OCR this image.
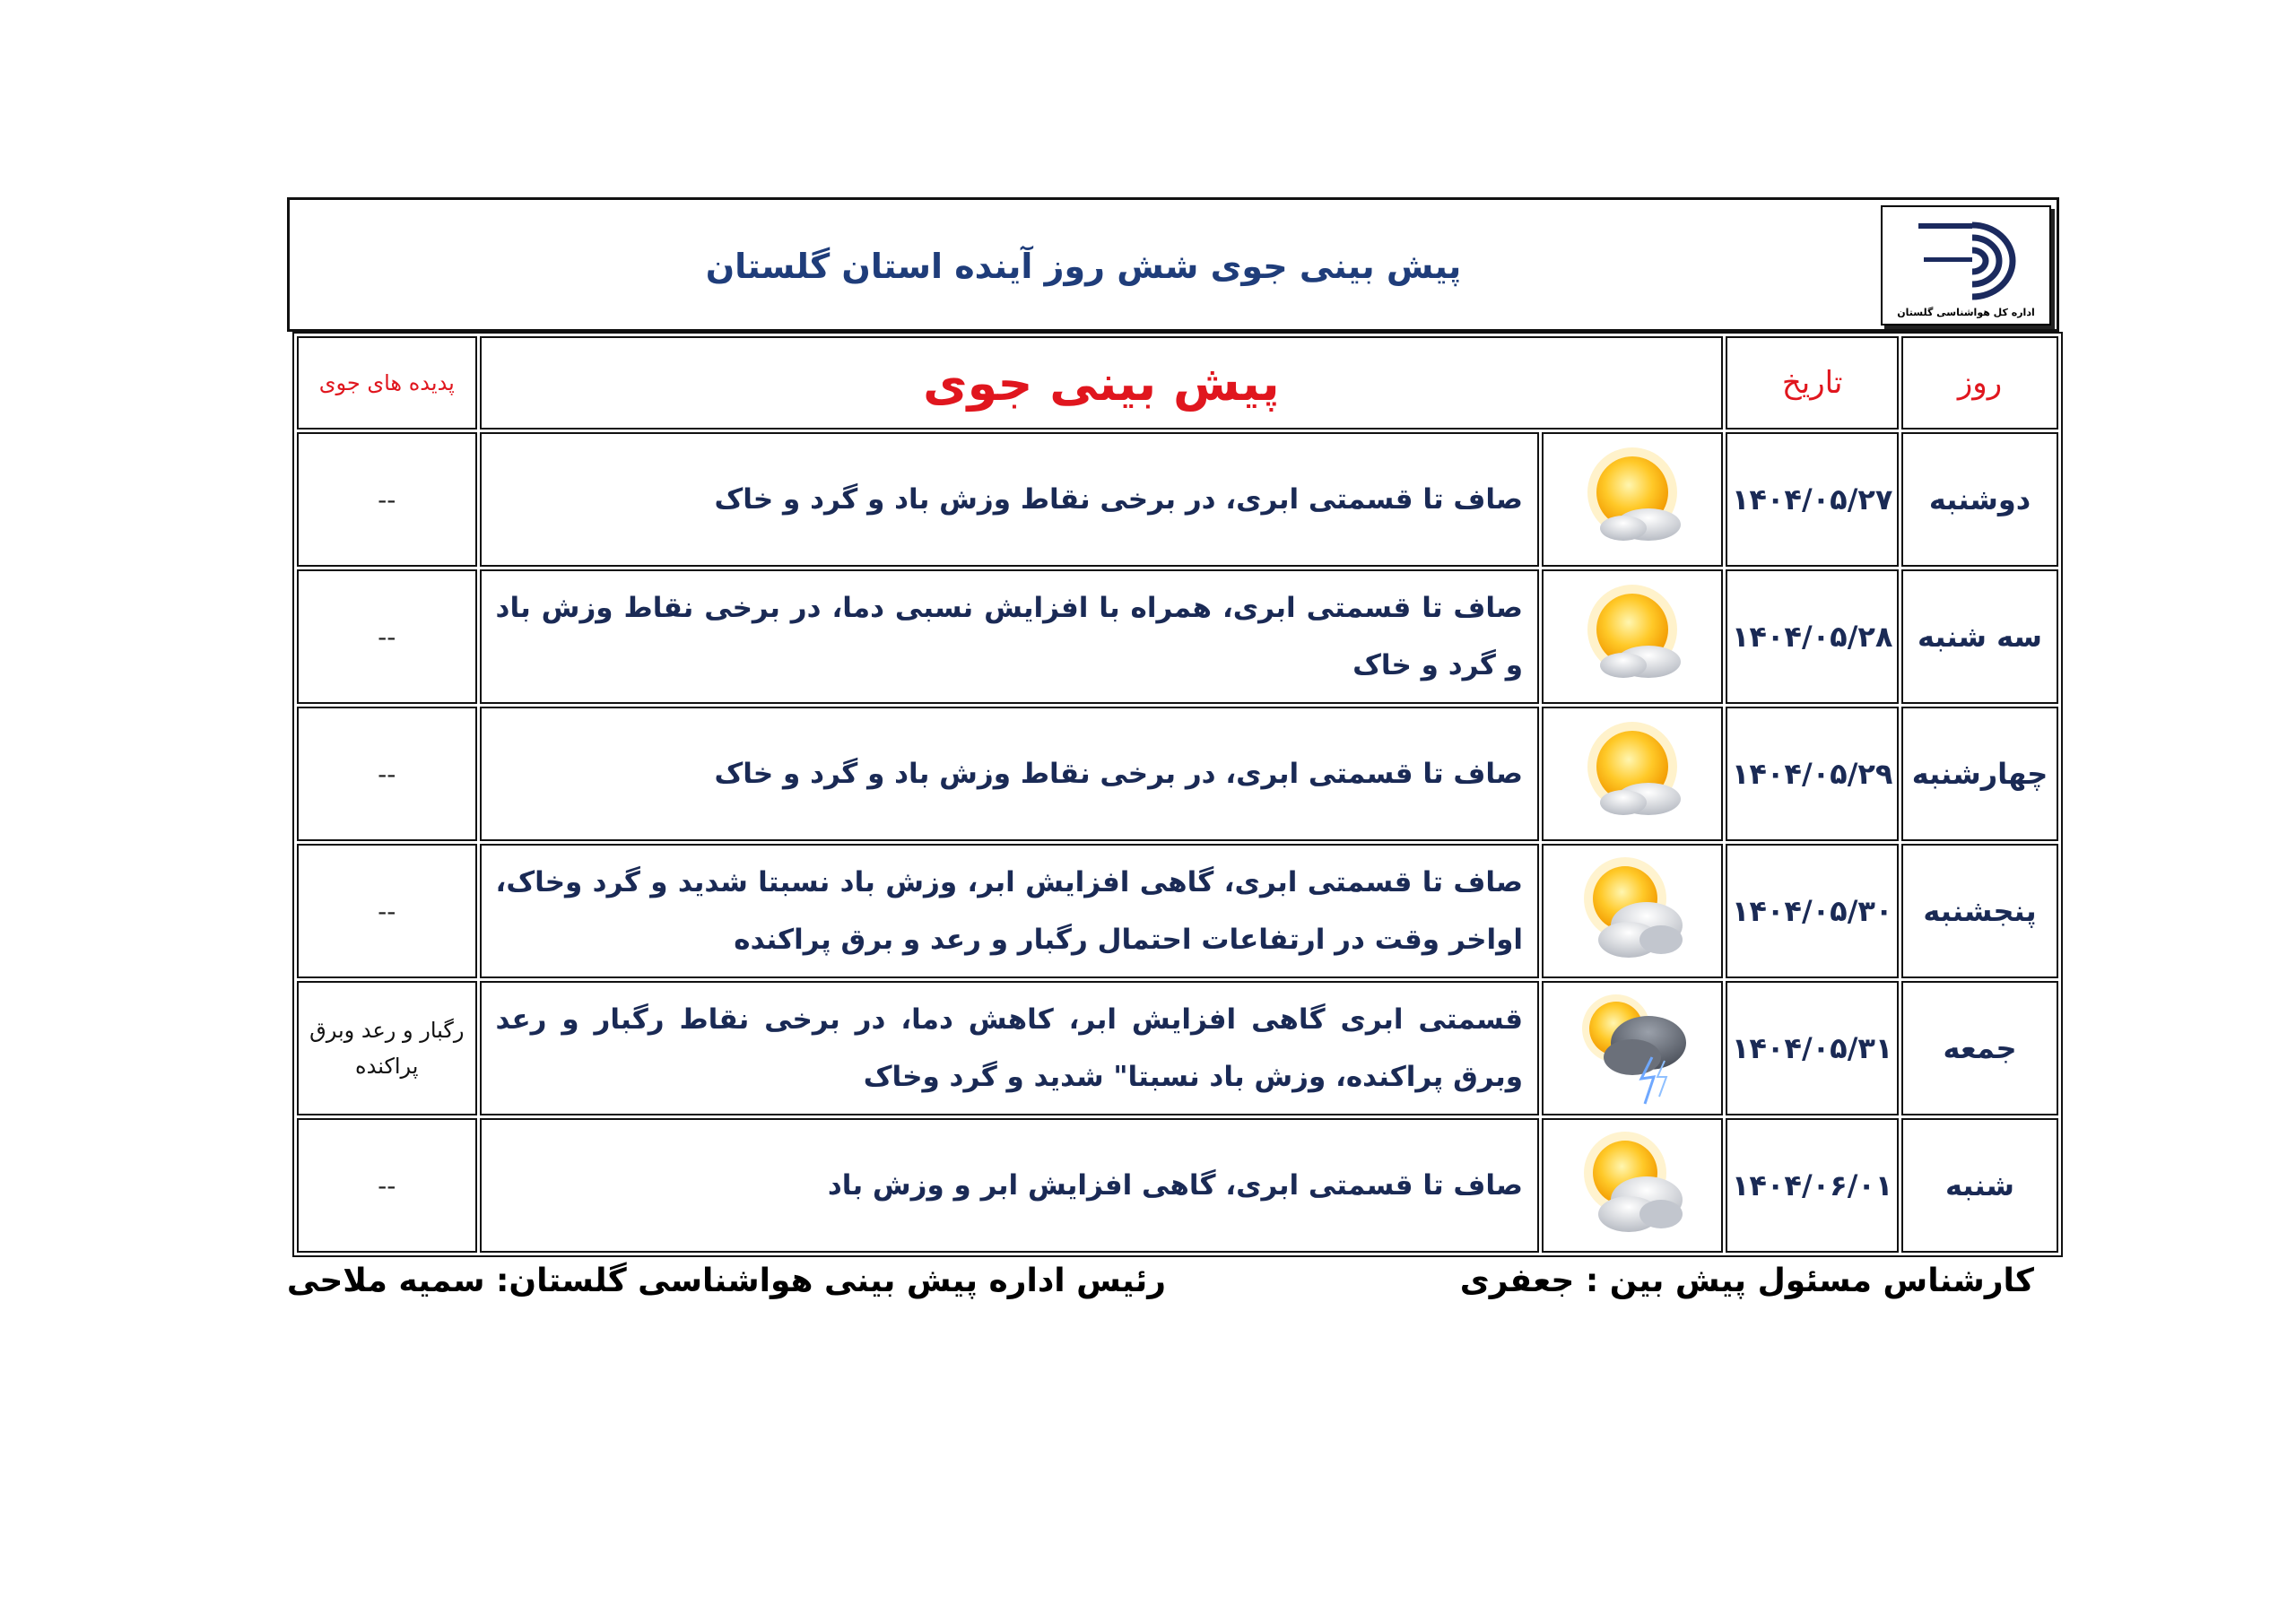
پیش بینی جوی شش روز آینده استان گلستان
اداره کل هواشناسی گلستان
روز	تاریخ	پیش بینی جوی		پدیده های جوی
دوشنبه	۱۴۰۴/۰۵/۲۷		صاف تا قسمتی ابری، در برخی نقاط وزش باد و گرد و خاک	--
سه شنبه	۱۴۰۴/۰۵/۲۸		صاف تا قسمتی ابری، همراه با افزایش نسبی دما، در برخی نقاط وزش باد و گرد و خاک	--
چهارشنبه	۱۴۰۴/۰۵/۲۹		صاف تا قسمتی ابری، در برخی نقاط وزش باد و گرد و خاک	--
پنجشنبه	۱۴۰۴/۰۵/۳۰		صاف تا قسمتی ابری، گاهی افزایش ابر، وزش باد نسبتا شدید و گرد وخاک، اواخر وقت در ارتفاعات احتمال رگبار و رعد و برق پراکنده	--
جمعه	۱۴۰۴/۰۵/۳۱		قسمتی ابری گاهی افزایش ابر، کاهش دما، در برخی نقاط رگبار و رعد وبرق پراکنده، وزش باد نسبتا" شدید و گرد وخاک	رگبار و رعد وبرق پراکنده
شنبه	۱۴۰۴/۰۶/۰۱		صاف تا قسمتی ابری، گاهی افزایش ابر و وزش باد	--
کارشناس مسئول پیش بین : جعفری
رئیس اداره پیش بینی هواشناسی گلستان: سمیه ملاحی
